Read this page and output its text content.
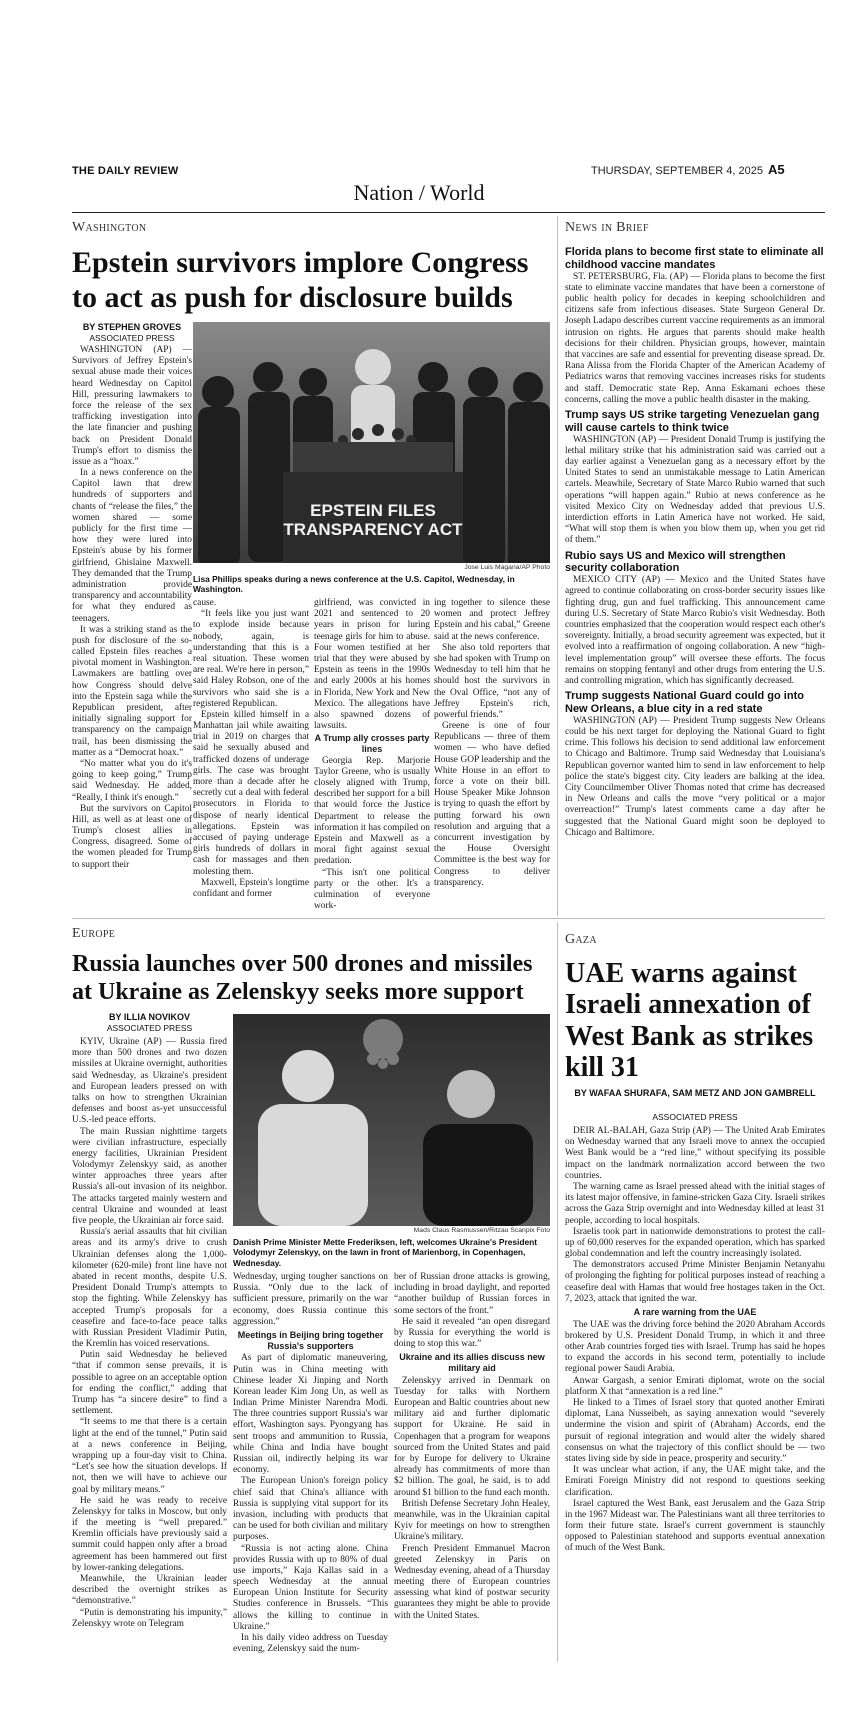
THE DAILY REVIEW	THURSDAY, SEPTEMBER 4, 2025 A5
Nation / World
Washington
Epstein survivors implore Congress to act as push for disclosure builds
BY STEPHEN GROVES
ASSOCIATED PRESS

WASHINGTON (AP) — Survivors of Jeffrey Epstein's sexual abuse made their voices heard Wednesday on Capitol Hill, pressuring lawmakers to force the release of the sex trafficking investigation into the late financier and pushing back on President Donald Trump's effort to dismiss the issue as a “hoax.”

In a news conference on the Capitol lawn that drew hundreds of supporters and chants of “release the files,” the women shared — some publicly for the first time — how they were lured into Epstein's abuse by his former girlfriend, Ghislaine Maxwell. They demanded that the Trump administration provide transparency and accountability for what they endured as teenagers.

It was a striking stand as the push for disclosure of the so-called Epstein files reaches a pivotal moment in Washington. Lawmakers are battling over how Congress should delve into the Epstein saga while the Republican president, after initially signaling support for transparency on the campaign trail, has been dismissing the matter as a “Democrat hoax.”

“No matter what you do it's going to keep going,” Trump said Wednesday. He added, “Really, I think it's enough.”

But the survivors on Capitol Hill, as well as at least one of Trump's closest allies in Congress, disagreed. Some of the women pleaded for Trump to support their

EPSTEIN FILES
TRANSPARENCY ACT
Jose Luis Magana/AP Photo
Lisa Phillips speaks during a news conference at the U.S. Capitol, Wednesday, in Washington.

cause.

“It feels like you just want to explode inside because nobody, again, is understanding that this is a real situation. These women are real. We're here in person,” said Haley Robson, one of the survivors who said she is a registered Republican.

Epstein killed himself in a Manhattan jail while awaiting trial in 2019 on charges that said he sexually abused and trafficked dozens of underage girls. The case was brought more than a decade after he secretly cut a deal with federal prosecutors in Florida to dispose of nearly identical allegations. Epstein was accused of paying underage girls hundreds of dollars in cash for massages and then molesting them.

Maxwell, Epstein's longtime confidant and former

girlfriend, was convicted in 2021 and sentenced to 20 years in prison for luring teenage girls for him to abuse. Four women testified at her trial that they were abused by Epstein as teens in the 1990s and early 2000s at his homes in Florida, New York and New Mexico. The allegations have also spawned dozens of lawsuits.

A Trump ally crosses party lines

Georgia Rep. Marjorie Taylor Greene, who is usually closely aligned with Trump, described her support for a bill that would force the Justice Department to release the information it has compiled on Epstein and Maxwell as a moral fight against sexual predation.

“This isn't one political party or the other. It's a culmination of everyone work-

ing together to silence these women and protect Jeffrey Epstein and his cabal,” Greene said at the news conference.

She also told reporters that she had spoken with Trump on Wednesday to tell him that he should host the survivors in the Oval Office, “not any of Jeffrey Epstein's rich, powerful friends.”

Greene is one of four Republicans — three of them women — who have defied House GOP leadership and the White House in an effort to force a vote on their bill. House Speaker Mike Johnson is trying to quash the effort by putting forward his own resolution and arguing that a concurrent investigation by the House Oversight Committee is the best way for Congress to deliver transparency.

News in Brief
Florida plans to become first state to eliminate all childhood vaccine mandates

ST. PETERSBURG, Fla. (AP) — Florida plans to become the first state to eliminate vaccine mandates that have been a cornerstone of public health policy for decades in keeping schoolchildren and citizens safe from infectious diseases. State Surgeon General Dr. Joseph Ladapo describes current vaccine requirements as an immoral intrusion on rights. He argues that parents should make health decisions for their children. Physician groups, however, maintain that vaccines are safe and essential for preventing disease spread. Dr. Rana Alissa from the Florida Chapter of the American Academy of Pediatrics warns that removing vaccines increases risks for students and staff. Democratic state Rep. Anna Eskamani echoes these concerns, calling the move a public health disaster in the making.

Trump says US strike targeting Venezuelan gang will cause cartels to think twice

WASHINGTON (AP) — President Donald Trump is justifying the lethal military strike that his administration said was carried out a day earlier against a Venezuelan gang as a necessary effort by the United States to send an unmistakable message to Latin American cartels. Meawhile, Secretary of State Marco Rubio warned that such operations “will happen again.” Rubio at news conference as he visited Mexico City on Wednesday added that previous U.S. interdiction efforts in Latin America have not worked. He said, “What will stop them is when you blow them up, when you get rid of them.”

Rubio says US and Mexico will strengthen security collaboration

MEXICO CITY (AP) — Mexico and the United States have agreed to continue collaborating on cross-border security issues like fighting drug, gun and fuel trafficking. This announcement came during U.S. Secretary of State Marco Rubio's visit Wednesday. Both countries emphasized that the cooperation would respect each other's sovereignty. Initially, a broad security agreement was expected, but it evolved into a reaffirmation of ongoing collaboration. A new “high-level implementation group” will oversee these efforts. The focus remains on stopping fentanyl and other drugs from entering the U.S. and controlling migration, which has significantly decreased.

Trump suggests National Guard could go into New Orleans, a blue city in a red state

WASHINGTON (AP) — President Trump suggests New Orleans could be his next target for deploying the National Guard to fight crime. This follows his decision to send additional law enforcement to Chicago and Baltimore. Trump said Wednesday that Louisiana's Republican governor wanted him to send in law enforcement to help police the state's biggest city. City leaders are balking at the idea. City Councilmember Oliver Thomas noted that crime has decreased in New Orleans and calls the move “very political or a major overreaction!” Trump's latest comments came a day after he suggested that the National Guard might soon be deployed to Chicago and Baltimore.

Europe
Russia launches over 500 drones and missiles at Ukraine as Zelenskyy seeks more support
BY ILLIA NOVIKOV
ASSOCIATED PRESS

KYIV, Ukraine (AP) — Russia fired more than 500 drones and two dozen missiles at Ukraine overnight, authorities said Wednesday, as Ukraine's president and European leaders pressed on with talks on how to strengthen Ukrainian defenses and boost as-yet unsuccessful U.S.-led peace efforts.

The main Russian nighttime targets were civilian infrastructure, especially energy facilities, Ukrainian President Volodymyr Zelenskyy said, as another winter approaches three years after Russia's all-out invasion of its neighbor. The attacks targeted mainly western and central Ukraine and wounded at least five people, the Ukrainian air force said.

Russia's aerial assaults that hit civilian areas and its army's drive to crush Ukrainian defenses along the 1,000-kilometer (620-mile) front line have not abated in recent months, despite U.S. President Donald Trump's attempts to stop the fighting. While Zelenskyy has accepted Trump's proposals for a ceasefire and face-to-face peace talks with Russian President Vladimir Putin, the Kremlin has voiced reservations.

Putin said Wednesday he believed “that if common sense prevails, it is possible to agree on an acceptable option for ending the conflict,” adding that Trump has “a sincere desire” to find a settlement.

“It seems to me that there is a certain light at the end of the tunnel,” Putin said at a news conference in Beijing, wrapping up a four-day visit to China. “Let's see how the situation develops. If not, then we will have to achieve our goal by military means.”

He said he was ready to receive Zelenskyy for talks in Moscow, but only if the meeting is “well prepared.” Kremlin officials have previously said a summit could happen only after a broad agreement has been hammered out first by lower-ranking delegations.

Meanwhile, the Ukrainian leader described the overnight strikes as “demonstrative.”

“Putin is demonstrating his impunity,” Zelenskyy wrote on Telegram

Mads Claus Rasmussen/Ritzau Scanpix Foto
Danish Prime Minister Mette Frederiksen, left, welcomes Ukraine's President Volodymyr Zelenskyy, on the lawn in front of Marienborg, in Copenhagen, Wednesday.

Wednesday, urging tougher sanctions on Russia. “Only due to the lack of sufficient pressure, primarily on the war economy, does Russia continue this aggression.”

Meetings in Beijing bring together Russia's supporters

As part of diplomatic maneuvering, Putin was in China meeting with Chinese leader Xi Jinping and North Korean leader Kim Jong Un, as well as Indian Prime Minister Narendra Modi. The three countries support Russia's war effort, Washington says. Pyongyang has sent troops and ammunition to Russia, while China and India have bought Russian oil, indirectly helping its war economy.

The European Union's foreign policy chief said that China's alliance with Russia is supplying vital support for its invasion, including with products that can be used for both civilian and military purposes.

“Russia is not acting alone. China provides Russia with up to 80% of dual use imports,” Kaja Kallas said in a speech Wednesday at the annual European Union Institute for Security Studies conference in Brussels. “This allows the killing to continue in Ukraine.”

In his daily video address on Tuesday evening, Zelenskyy said the num-

ber of Russian drone attacks is growing, including in broad daylight, and reported “another buildup of Russian forces in some sectors of the front.”

He said it revealed “an open disregard by Russia for everything the world is doing to stop this war.”

Ukraine and its allies discuss new military aid

Zelenskyy arrived in Denmark on Tuesday for talks with Northern European and Baltic countries about new military aid and further diplomatic support for Ukraine. He said in Copenhagen that a program for weapons sourced from the United States and paid for by Europe for delivery to Ukraine already has commitments of more than $2 billion. The goal, he said, is to add around $1 billion to the fund each month.

British Defense Secretary John Healey, meanwhile, was in the Ukrainian capital Kyiv for meetings on how to strengthen Ukraine's military.

French President Emmanuel Macron greeted Zelenskyy in Paris on Wednesday evening, ahead of a Thursday meeting there of European countries assessing what kind of postwar security guarantees they might be able to provide with the United States.

Gaza
UAE warns against Israeli annexation of West Bank as strikes kill 31
BY WAFAA SHURAFA, SAM METZ AND JON GAMBRELL
ASSOCIATED PRESS

DEIR AL-BALAH, Gaza Strip (AP) — The United Arab Emirates on Wednesday warned that any Israeli move to annex the occupied West Bank would be a “red line,” without specifying its possible impact on the landmark normalization accord between the two countries.

The warning came as Israel pressed ahead with the initial stages of its latest major offensive, in famine-stricken Gaza City. Israeli strikes across the Gaza Strip overnight and into Wednesday killed at least 31 people, according to local hospitals.

Israelis took part in nationwide demonstrations to protest the call-up of 60,000 reserves for the expanded operation, which has sparked global condemnation and left the country increasingly isolated.

The demonstrators accused Prime Minister Benjamin Netanyahu of prolonging the fighting for political purposes instead of reaching a ceasefire deal with Hamas that would free hostages taken in the Oct. 7, 2023, attack that ignited the war.

A rare warning from the UAE

The UAE was the driving force behind the 2020 Abraham Accords brokered by U.S. President Donald Trump, in which it and three other Arab countries forged ties with Israel. Trump has said he hopes to expand the accords in his second term, potentially to include regional power Saudi Arabia.

Anwar Gargash, a senior Emirati diplomat, wrote on the social platform X that “annexation is a red line.”

He linked to a Times of Israel story that quoted another Emirati diplomat, Lana Nusseibeh, as saying annexation would “severely undermine the vision and spirit of (Abraham) Accords, end the pursuit of regional integration and would alter the widely shared consensus on what the trajectory of this conflict should be — two states living side by side in peace, prosperity and security.”

It was unclear what action, if any, the UAE might take, and the Emirati Foreign Ministry did not respond to questions seeking clarification.

Israel captured the West Bank, east Jerusalem and the Gaza Strip in the 1967 Mideast war. The Palestinians want all three territories to form their future state. Israel's current government is staunchly opposed to Palestinian statehood and supports eventual annexation of much of the West Bank.
